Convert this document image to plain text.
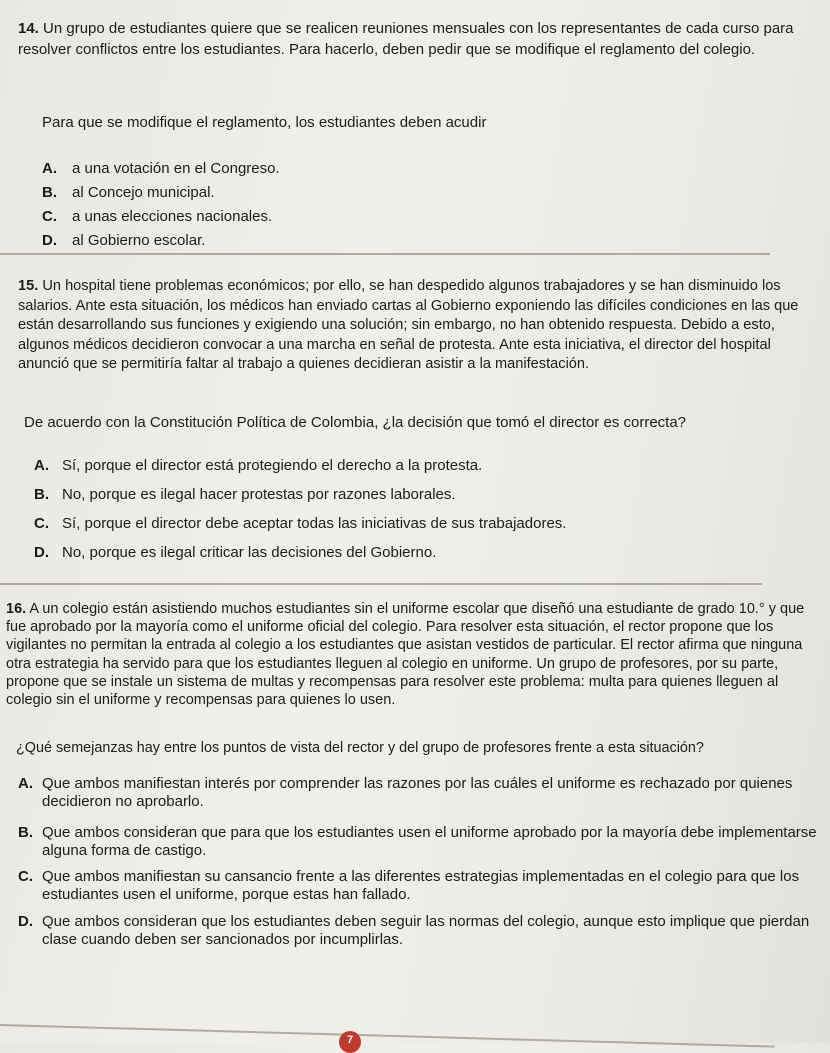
14. Un grupo de estudiantes quiere que se realicen reuniones mensuales con los representantes de cada curso para resolver conflictos entre los estudiantes. Para hacerlo, deben pedir que se modifique el reglamento del colegio.

Para que se modifique el reglamento, los estudiantes deben acudir

A.	a una votación en el Congreso.
B.	al Concejo municipal.
C.	a unas elecciones nacionales.
D.	al Gobierno escolar.

15. Un hospital tiene problemas económicos; por ello, se han despedido algunos trabajadores y se han disminuido los salarios. Ante esta situación, los médicos han enviado cartas al Gobierno exponiendo las difíciles condiciones en las que están desarrollando sus funciones y exigiendo una solución; sin embargo, no han obtenido respuesta. Debido a esto, algunos médicos decidieron convocar a una marcha en señal de protesta. Ante esta iniciativa, el director del hospital anunció que se permitiría faltar al trabajo a quienes decidieran asistir a la manifestación.

De acuerdo con la Constitución Política de Colombia, ¿la decisión que tomó el director es correcta?

A. Sí, porque el director está protegiendo el derecho a la protesta.
B. No, porque es ilegal hacer protestas por razones laborales.
C. Sí, porque el director debe aceptar todas las iniciativas de sus trabajadores.
D. No, porque es ilegal criticar las decisiones del Gobierno.

16. A un colegio están asistiendo muchos estudiantes sin el uniforme escolar que diseñó una estudiante de grado 10.° y que fue aprobado por la mayoría como el uniforme oficial del colegio. Para resolver esta situación, el rector propone que los vigilantes no permitan la entrada al colegio a los estudiantes que asistan vestidos de particular. El rector afirma que ninguna otra estrategia ha servido para que los estudiantes lleguen al colegio en uniforme. Un grupo de profesores, por su parte, propone que se instale un sistema de multas y recompensas para resolver este problema: multa para quienes lleguen al colegio sin el uniforme y recompensas para quienes lo usen.

¿Qué semejanzas hay entre los puntos de vista del rector y del grupo de profesores frente a esta situación?

A. Que ambos manifiestan interés por comprender las razones por las cuáles el uniforme es rechazado por quienes decidieron no aprobarlo.
B. Que ambos consideran que para que los estudiantes usen el uniforme aprobado por la mayoría debe implementarse alguna forma de castigo.
C. Que ambos manifiestan su cansancio frente a las diferentes estrategias implementadas en el colegio para que los estudiantes usen el uniforme, porque estas han fallado.
D. Que ambos consideran que los estudiantes deben seguir las normas del colegio, aunque esto implique que pierdan clase cuando deben ser sancionados por incumplirlas.
7
